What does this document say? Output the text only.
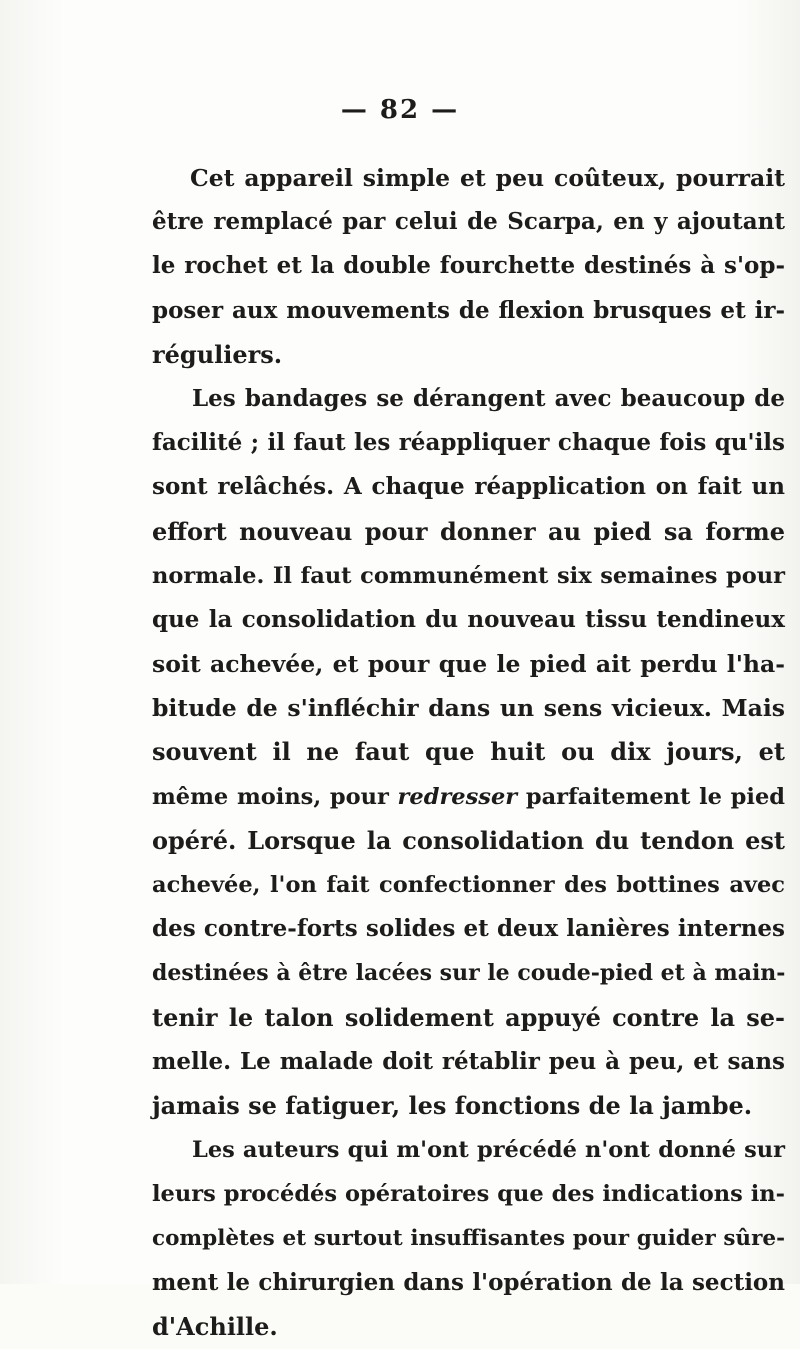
— 82 —
Cet appareil simple et peu coûteux, pourrait
être remplacé par celui de Scarpa, en y ajoutant
le rochet et la double fourchette destinés à s'op-
poser aux mouvements de flexion brusques et ir-
réguliers.
Les bandages se dérangent avec beaucoup de
facilité ; il faut les réappliquer chaque fois qu'ils
sont relâchés. A chaque réapplication on fait un
effort nouveau pour donner au pied sa forme
normale. Il faut communément six semaines pour
que la consolidation du nouveau tissu tendineux
soit achevée, et pour que le pied ait perdu l'ha-
bitude de s'infléchir dans un sens vicieux. Mais
souvent il ne faut que huit ou dix jours, et
même moins, pour redresser parfaitement le pied
opéré. Lorsque la consolidation du tendon est
achevée, l'on fait confectionner des bottines avec
des contre-forts solides et deux lanières internes
destinées à être lacées sur le coude-pied et à main-
tenir le talon solidement appuyé contre la se-
melle. Le malade doit rétablir peu à peu, et sans
jamais se fatiguer, les fonctions de la jambe.
Les auteurs qui m'ont précédé n'ont donné sur
leurs procédés opératoires que des indications in-
complètes et surtout insuffisantes pour guider sûre-
ment le chirurgien dans l'opération de la section
d'Achille.
